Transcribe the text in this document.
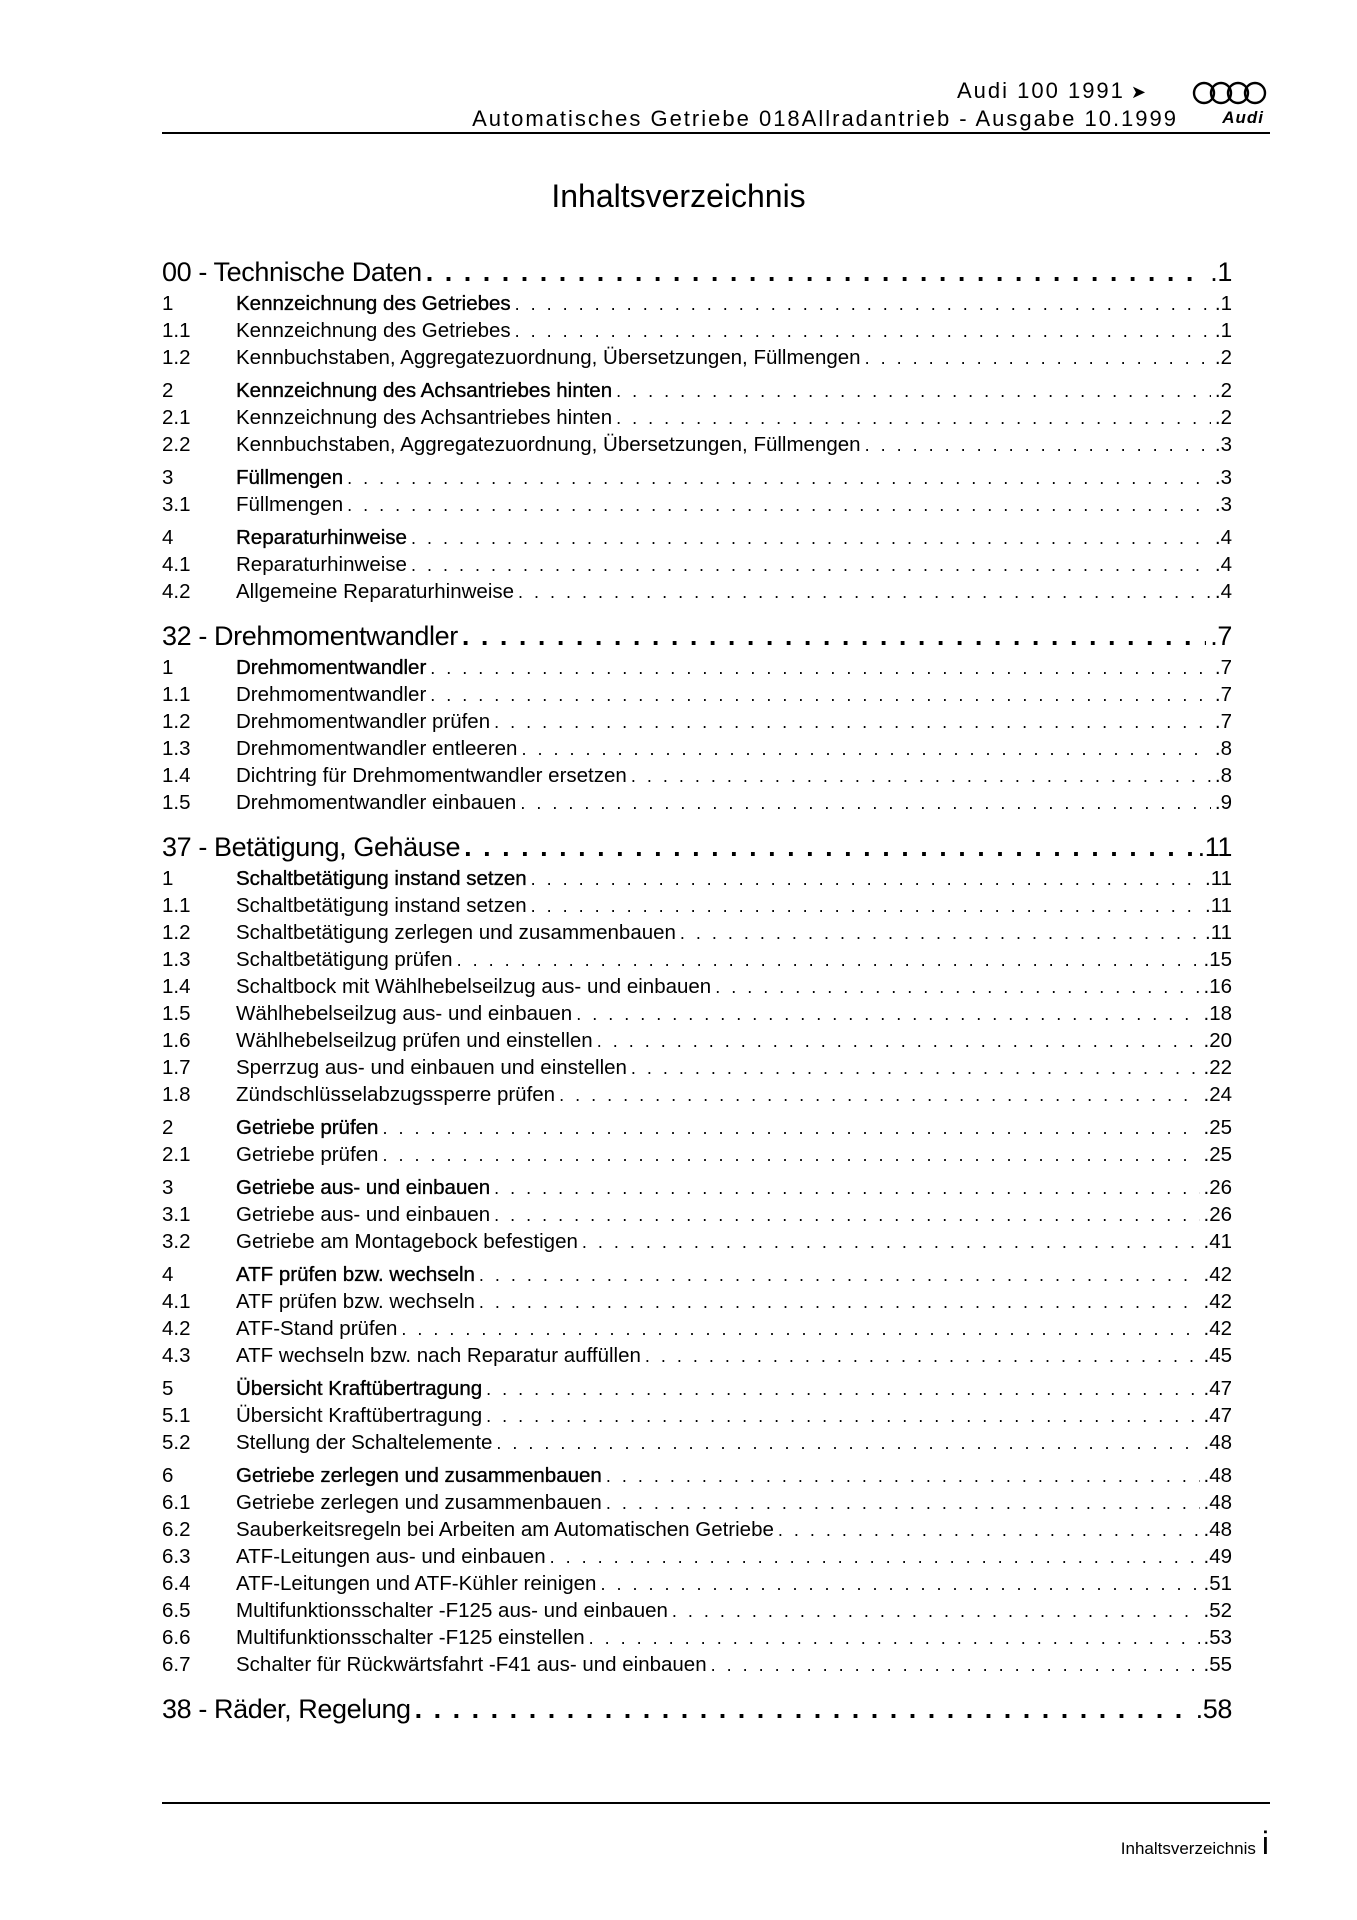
Audi 100 1991 ➤
Automatisches Getriebe 018Allradantrieb - Ausgabe 10.1999	Audi
Inhaltsverzeichnis
00 - Technische Daten . . .	.1
1	Kennzeichnung des Getriebes . . .	.1
1.1	Kennzeichnung des Getriebes . . .	.1
1.2	Kennbuchstaben, Aggregatezuordnung, Übersetzungen, Füllmengen . . .	.2
2	Kennzeichnung des Achsantriebes hinten . . .	.2
2.1	Kennzeichnung des Achsantriebes hinten . . .	.2
2.2	Kennbuchstaben, Aggregatezuordnung, Übersetzungen, Füllmengen . . .	.3
3	Füllmengen . . .	.3
3.1	Füllmengen . . .	.3
4	Reparaturhinweise . . .	.4
4.1	Reparaturhinweise . . .	.4
4.2	Allgemeine Reparaturhinweise . . .	.4
32 - Drehmomentwandler . . .	.7
1	Drehmomentwandler . . .	.7
1.1	Drehmomentwandler . . .	.7
1.2	Drehmomentwandler prüfen . . .	.7
1.3	Drehmomentwandler entleeren . . .	.8
1.4	Dichtring für Drehmomentwandler ersetzen . . .	.8
1.5	Drehmomentwandler einbauen . . .	.9
37 - Betätigung, Gehäuse . . .	.11
1	Schaltbetätigung instand setzen . . .	.11
1.1	Schaltbetätigung instand setzen . . .	.11
1.2	Schaltbetätigung zerlegen und zusammenbauen . . .	.11
1.3	Schaltbetätigung prüfen . . .	.15
1.4	Schaltbock mit Wählhebelseilzug aus- und einbauen . . .	.16
1.5	Wählhebelseilzug aus- und einbauen . . .	.18
1.6	Wählhebelseilzug prüfen und einstellen . . .	.20
1.7	Sperrzug aus- und einbauen und einstellen . . .	.22
1.8	Zündschlüsselabzugssperre prüfen . . .	.24
2	Getriebe prüfen . . .	.25
2.1	Getriebe prüfen . . .	.25
3	Getriebe aus- und einbauen . . .	.26
3.1	Getriebe aus- und einbauen . . .	.26
3.2	Getriebe am Montagebock befestigen . . .	.41
4	ATF prüfen bzw. wechseln . . .	.42
4.1	ATF prüfen bzw. wechseln . . .	.42
4.2	ATF-Stand prüfen . . .	.42
4.3	ATF wechseln bzw. nach Reparatur auffüllen . . .	.45
5	Übersicht Kraftübertragung . . .	.47
5.1	Übersicht Kraftübertragung . . .	.47
5.2	Stellung der Schaltelemente . . .	.48
6	Getriebe zerlegen und zusammenbauen . . .	.48
6.1	Getriebe zerlegen und zusammenbauen . . .	.48
6.2	Sauberkeitsregeln bei Arbeiten am Automatischen Getriebe . . .	.48
6.3	ATF-Leitungen aus- und einbauen . . .	.49
6.4	ATF-Leitungen und ATF-Kühler reinigen . . .	.51
6.5	Multifunktionsschalter -F125 aus- und einbauen . . .	.52
6.6	Multifunktionsschalter -F125 einstellen . . .	.53
6.7	Schalter für Rückwärtsfahrt -F41 aus- und einbauen . . .	.55
38 - Räder, Regelung . . .	.58
Inhaltsverzeichnis i
